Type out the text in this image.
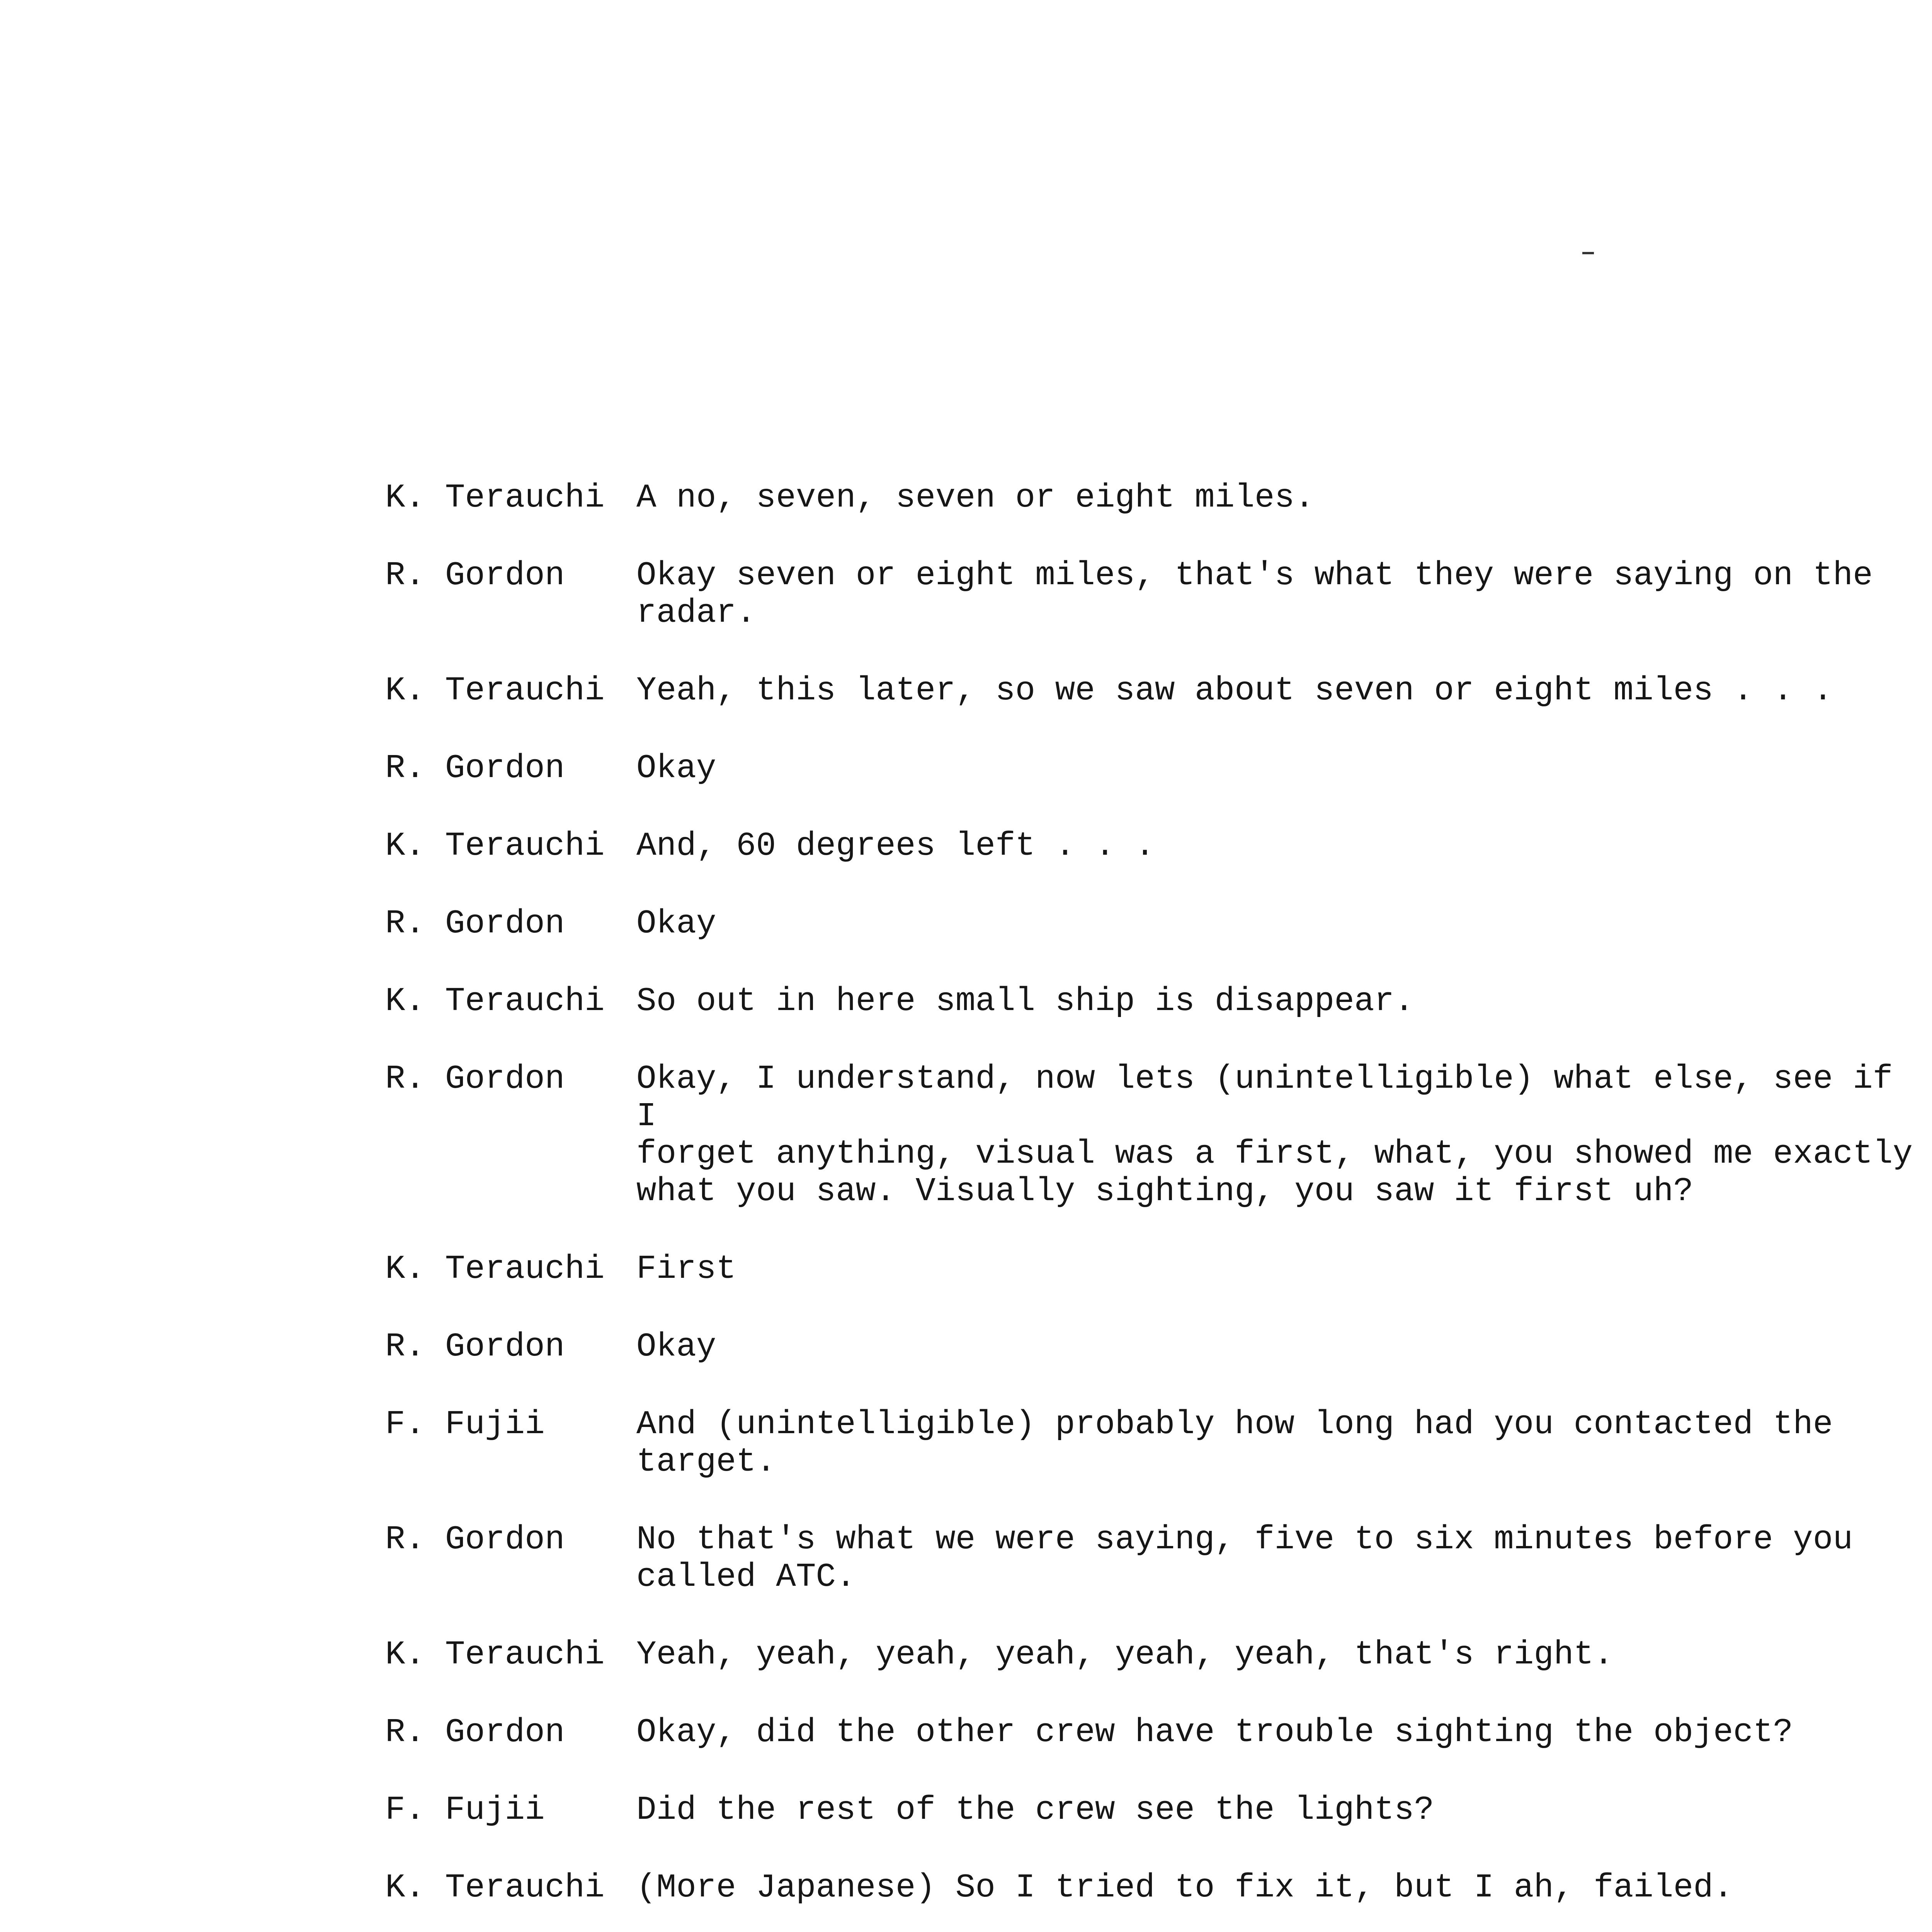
K. Terauchi A no, seven, seven or eight miles.
R. Gordon	Okay seven or eight miles, that's what they were saying on the
radar.
K. Terauchi Yeah, this later, so we saw about seven or eight miles . . .
R. Gordon	Okay
K. Terauchi And, 60 degrees left . . .
R. Gordon	Okay
K. Terauchi So out in here small ship is disappear.
R. Gordon	Okay, I understand, now lets (unintelligible) what else, see if I
forget anything, visual was a first, what, you showed me exactly
what you saw. Visually sighting, you saw it first uh?
K. Terauchi First
R. Gordon	Okay
F. Fujii	And (unintelligible) probably how long had you contacted the
target.
R. Gordon	No that's what we were saying, five to six minutes before you
called ATC.
K. Terauchi Yeah, yeah, yeah, yeah, yeah, yeah, that's right.
R. Gordon	Okay, did the other crew have trouble sighting the object?
F. Fujii	Did the rest of the crew see the lights?
K. Terauchi (More Japanese) So I tried to fix it, but I ah, failed.
